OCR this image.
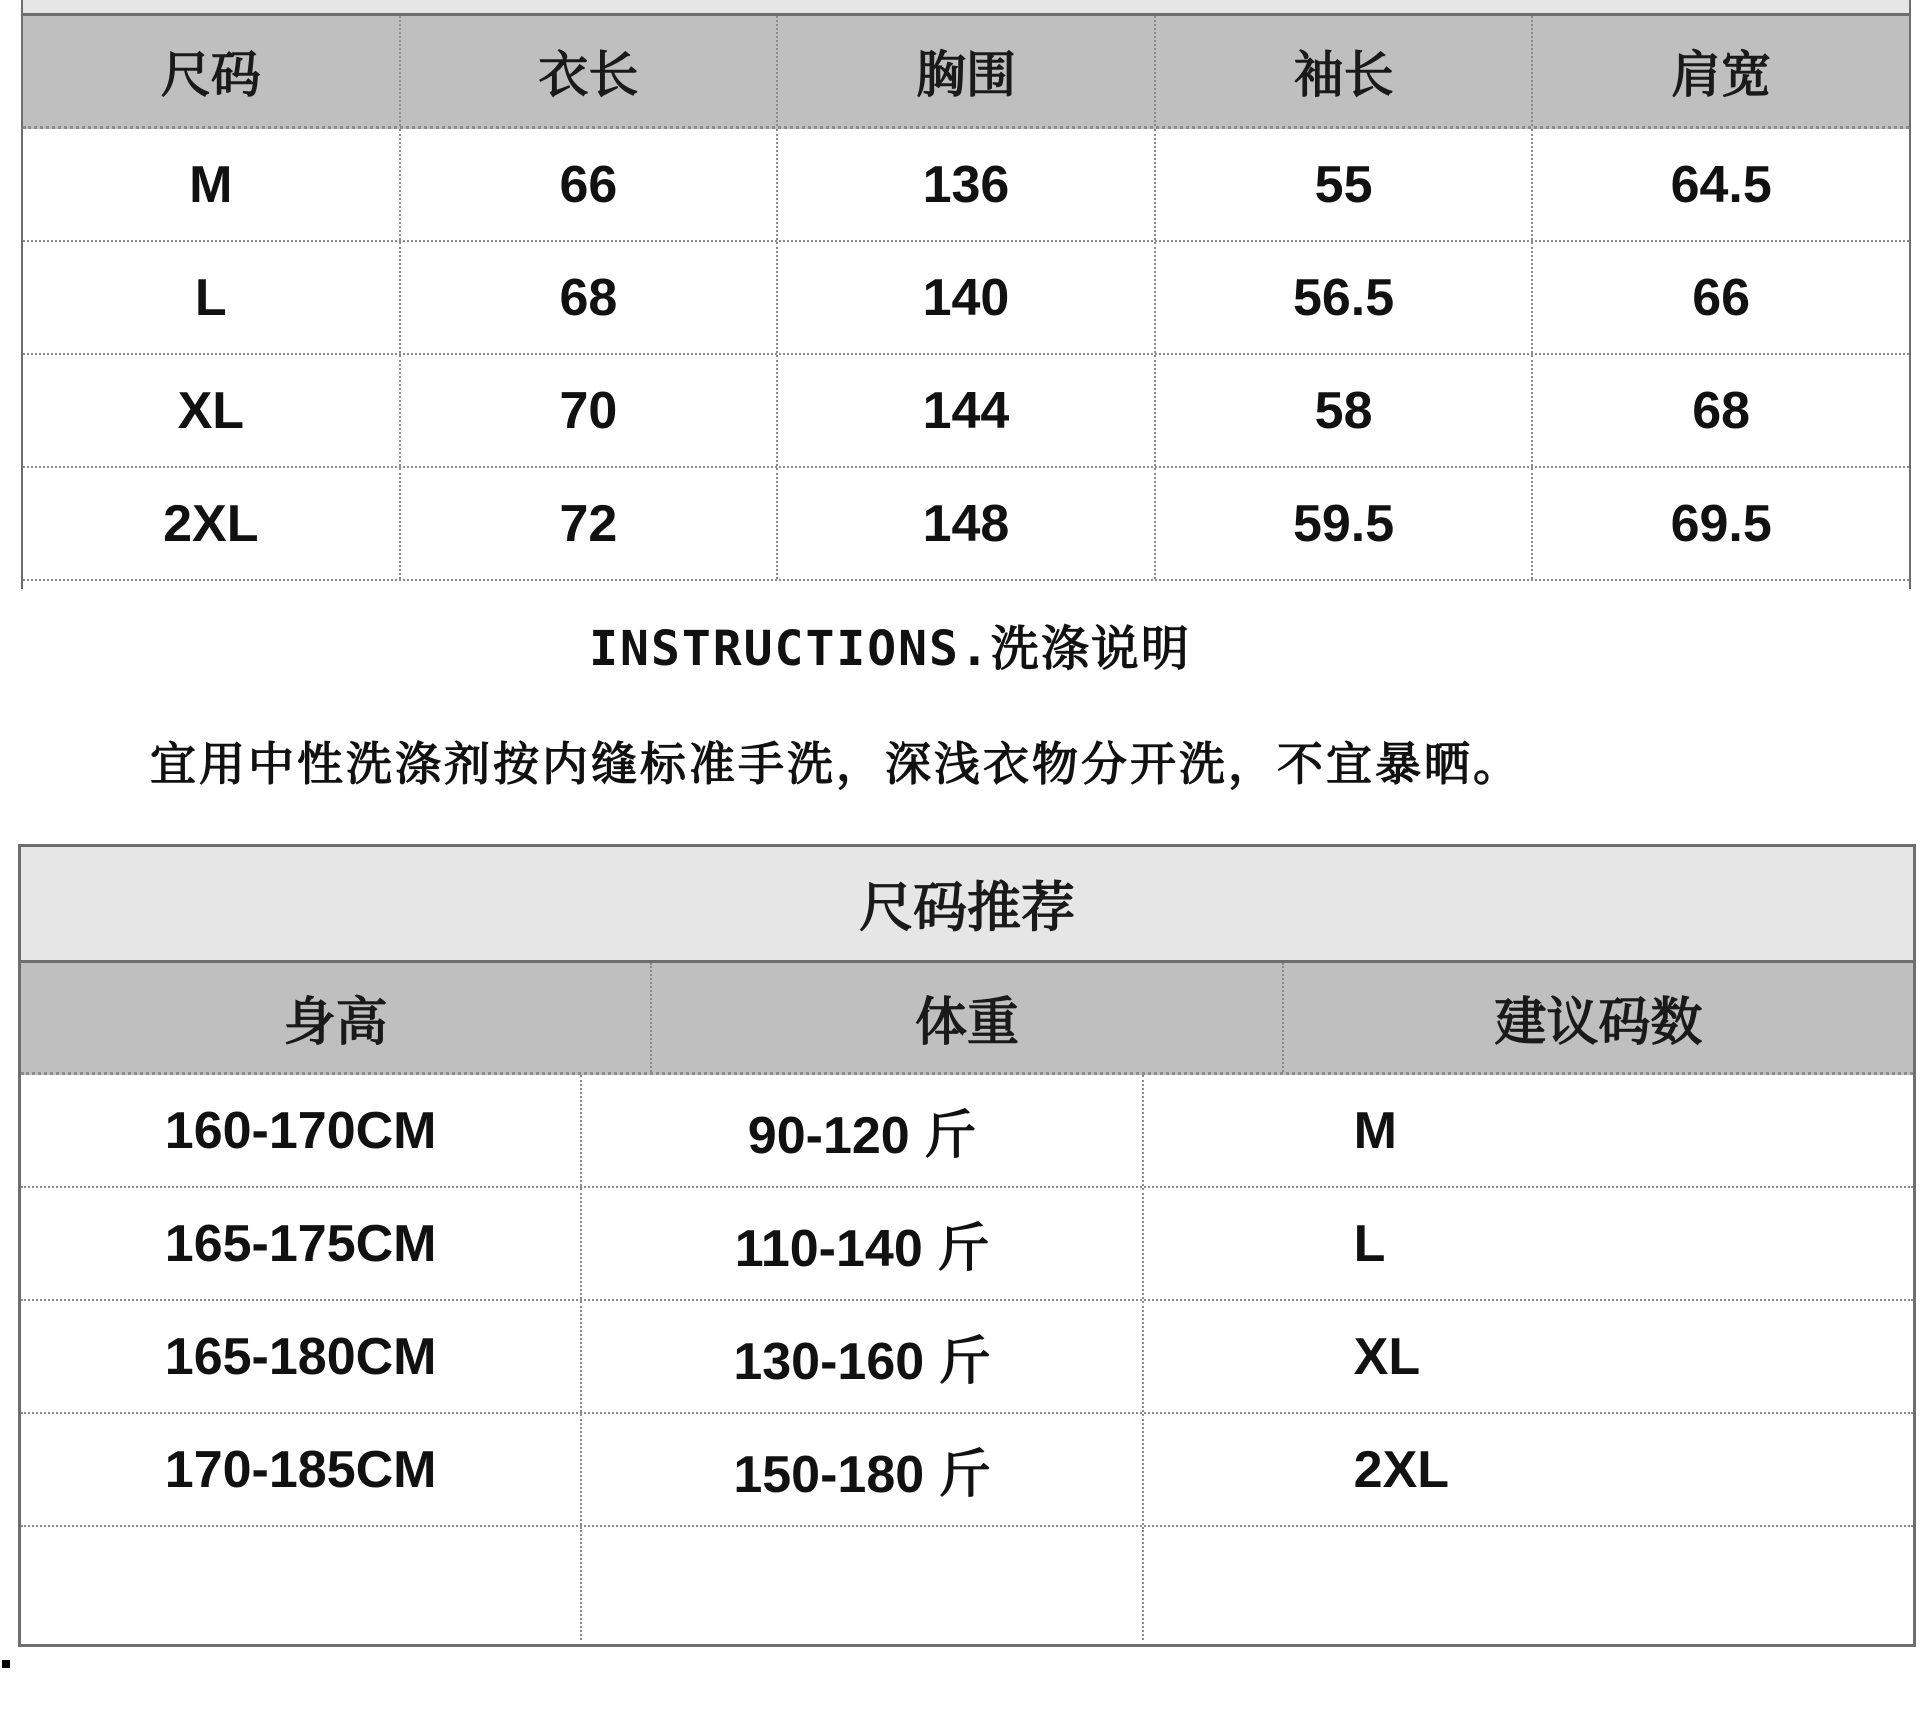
尺码	衣长	胸围	袖长	肩宽
M	66	136	55	64.5
L	68	140	56.5	66
XL	70	144	58	68
2XL	72	148	59.5	69.5
INSTRUCTIONS.洗涤说明
宜用中性洗涤剂按内缝标准手洗，深浅衣物分开洗，不宜暴晒。
尺码推荐
身高	体重	建议码数
160-170CM	90-120 斤	M
165-175CM	110-140 斤	L
165-180CM	130-160 斤	XL
170-185CM	150-180 斤	2XL
